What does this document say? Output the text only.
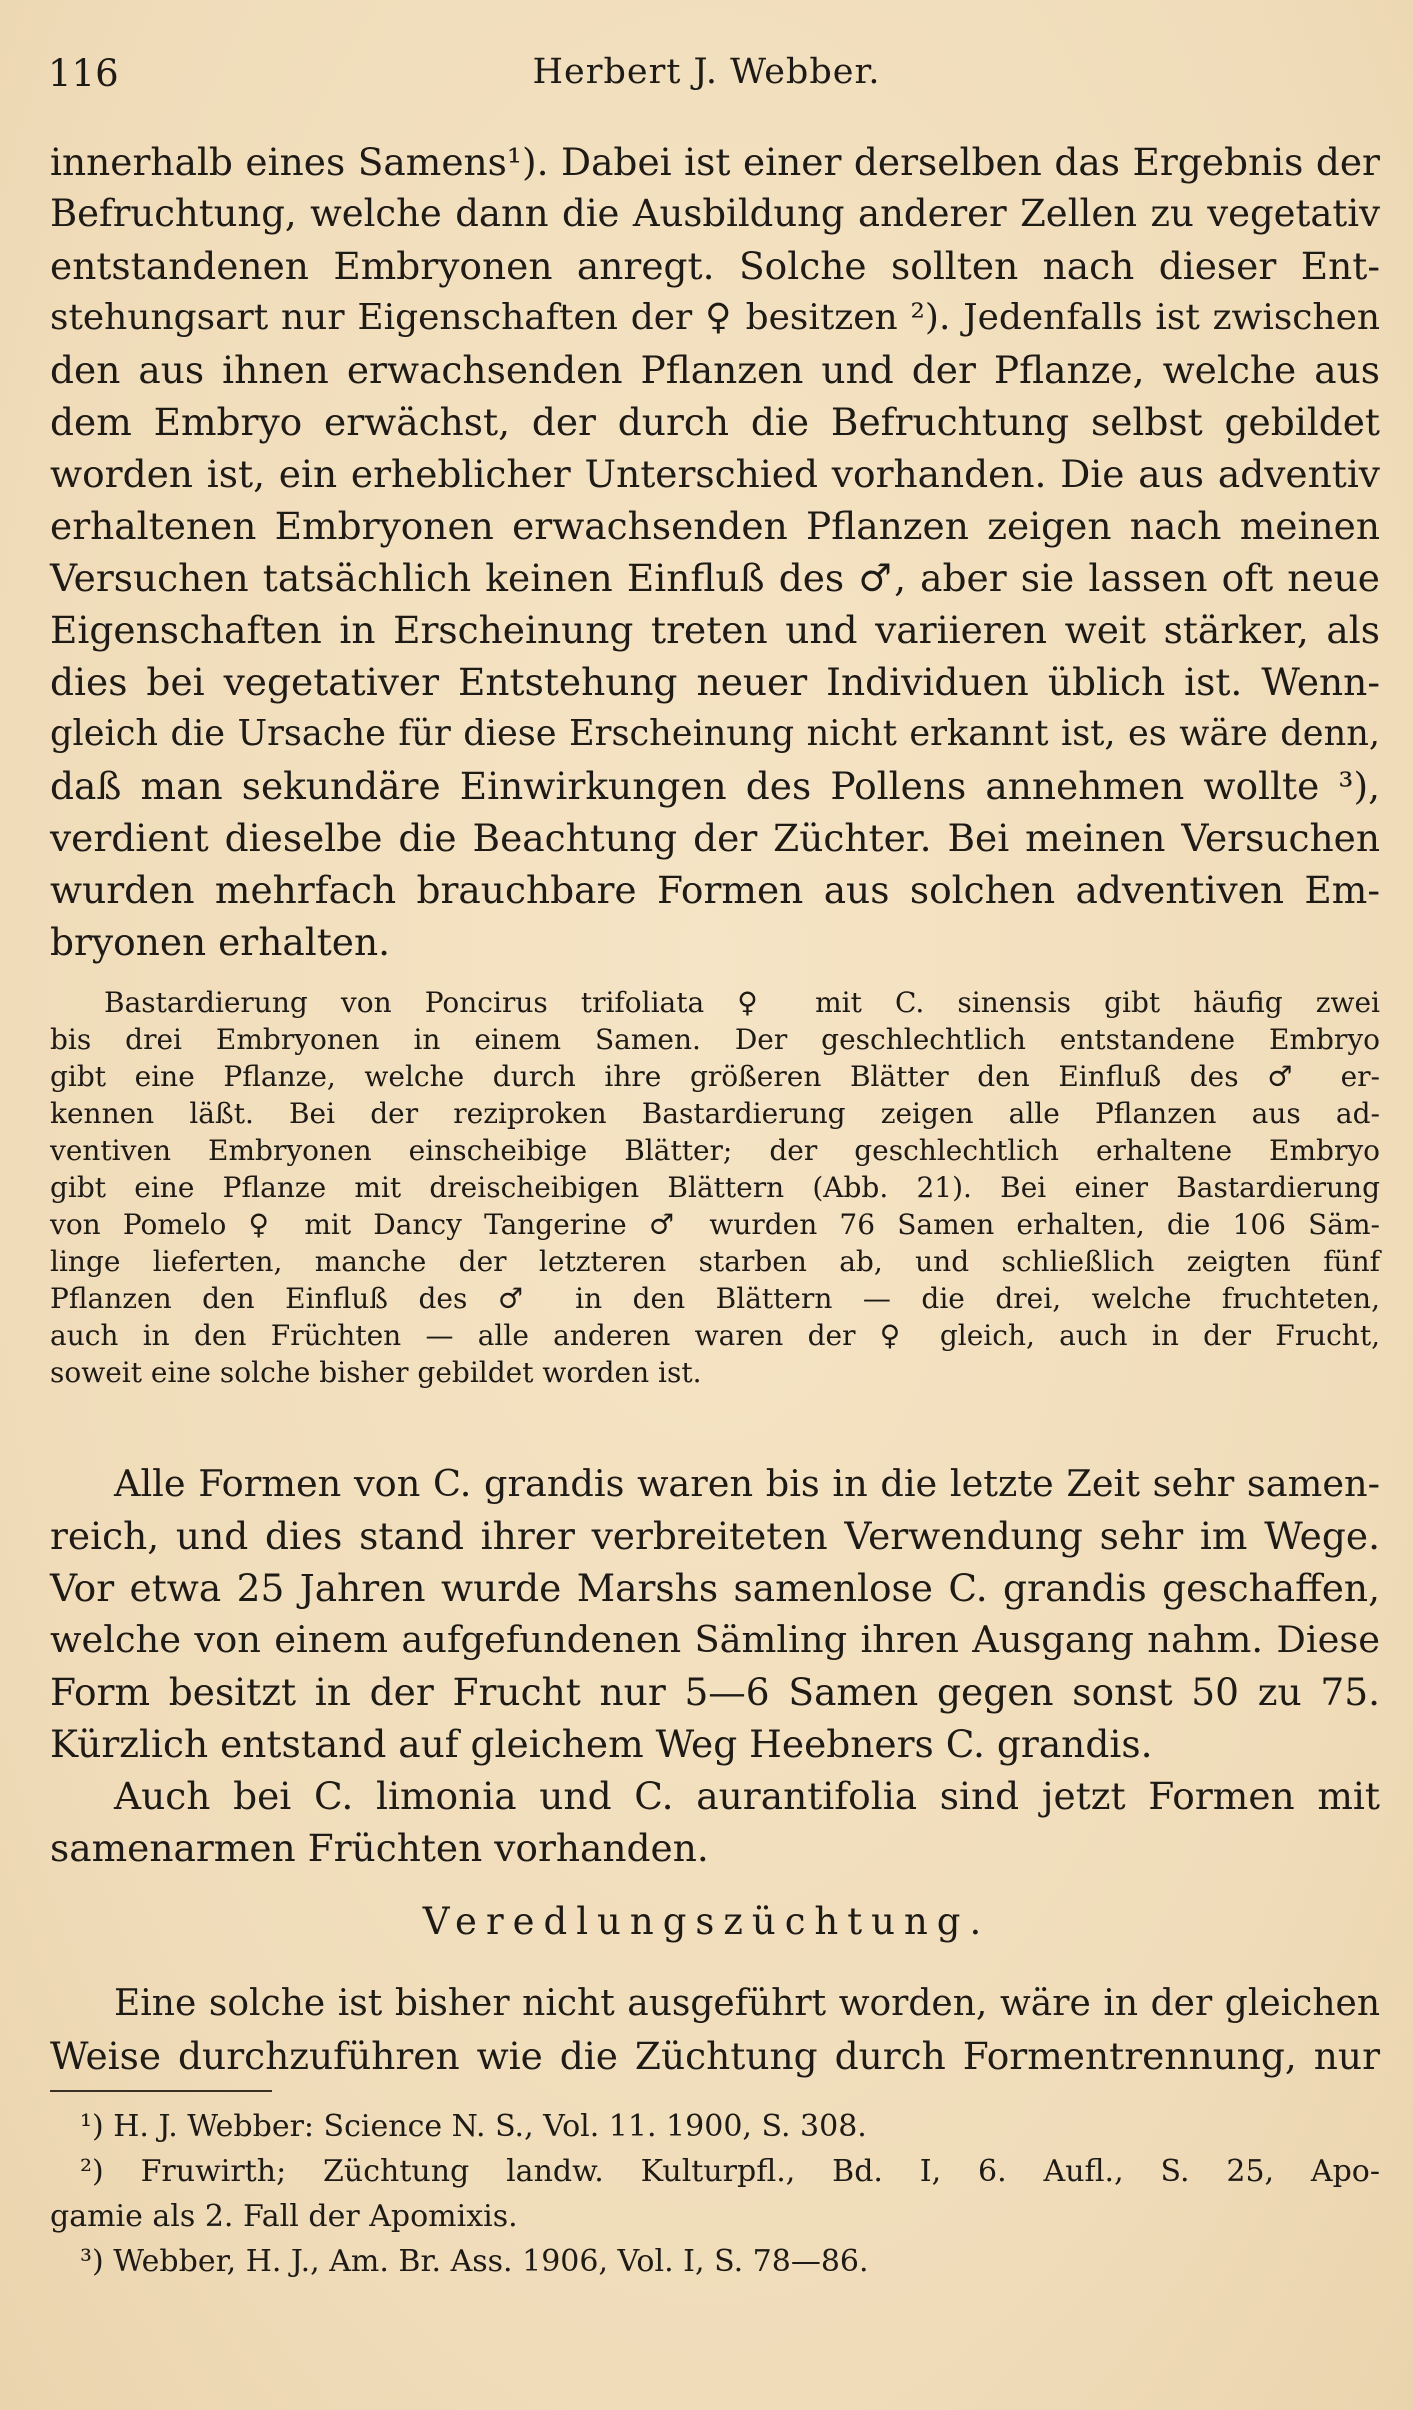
116	Herbert J. Webber.
innerhalb eines Samens¹). Dabei ist einer derselben das Ergebnis der
Befruchtung, welche dann die Ausbildung anderer Zellen zu vegetativ
entstandenen Embryonen anregt. Solche sollten nach dieser Ent-
stehungsart nur Eigenschaften der ♀ besitzen ²). Jedenfalls ist zwischen
den aus ihnen erwachsenden Pflanzen und der Pflanze, welche aus
dem Embryo erwächst, der durch die Befruchtung selbst gebildet
worden ist, ein erheblicher Unterschied vorhanden. Die aus adventiv
erhaltenen Embryonen erwachsenden Pflanzen zeigen nach meinen
Versuchen tatsächlich keinen Einfluß des ♂, aber sie lassen oft neue
Eigenschaften in Erscheinung treten und variieren weit stärker, als
dies bei vegetativer Entstehung neuer Individuen üblich ist. Wenn-
gleich die Ursache für diese Erscheinung nicht erkannt ist, es wäre denn,
daß man sekundäre Einwirkungen des Pollens annehmen wollte ³),
verdient dieselbe die Beachtung der Züchter. Bei meinen Versuchen
wurden mehrfach brauchbare Formen aus solchen adventiven Em-
bryonen erhalten.
Bastardierung von Poncirus trifoliata ♀ mit C. sinensis gibt häufig zwei
bis drei Embryonen in einem Samen. Der geschlechtlich entstandene Embryo
gibt eine Pflanze, welche durch ihre größeren Blätter den Einfluß des ♂ er-
kennen läßt. Bei der reziproken Bastardierung zeigen alle Pflanzen aus ad-
ventiven Embryonen einscheibige Blätter; der geschlechtlich erhaltene Embryo
gibt eine Pflanze mit dreischeibigen Blättern (Abb. 21). Bei einer Bastardierung
von Pomelo ♀ mit Dancy Tangerine ♂ wurden 76 Samen erhalten, die 106 Säm-
linge lieferten, manche der letzteren starben ab, und schließlich zeigten fünf
Pflanzen den Einfluß des ♂ in den Blättern — die drei, welche fruchteten,
auch in den Früchten — alle anderen waren der ♀ gleich, auch in der Frucht,
soweit eine solche bisher gebildet worden ist.
Alle Formen von C. grandis waren bis in die letzte Zeit sehr samen-
reich, und dies stand ihrer verbreiteten Verwendung sehr im Wege.
Vor etwa 25 Jahren wurde Marshs samenlose C. grandis geschaffen,
welche von einem aufgefundenen Sämling ihren Ausgang nahm. Diese
Form besitzt in der Frucht nur 5—6 Samen gegen sonst 50 zu 75.
Kürzlich entstand auf gleichem Weg Heebners C. grandis.
Auch bei C. limonia und C. aurantifolia sind jetzt Formen mit
samenarmen Früchten vorhanden.
Veredlungszüchtung.
Eine solche ist bisher nicht ausgeführt worden, wäre in der gleichen
Weise durchzuführen wie die Züchtung durch Formentrennung, nur
¹) H. J. Webber: Science N. S., Vol. 11. 1900, S. 308.
²) Fruwirth; Züchtung landw. Kulturpfl., Bd. I, 6. Aufl., S. 25, Apo-
gamie als 2. Fall der Apomixis.
³) Webber, H. J., Am. Br. Ass. 1906, Vol. I, S. 78—86.
